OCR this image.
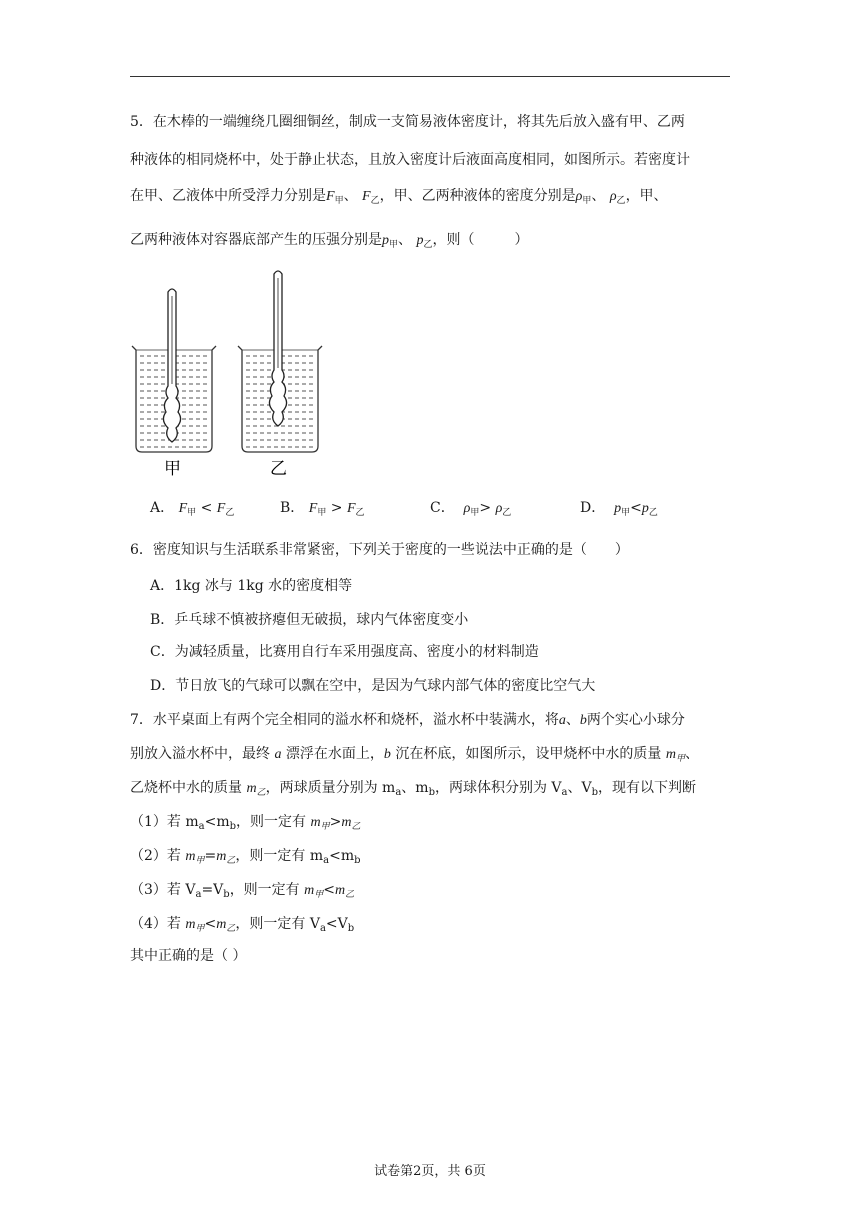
5．在木棒的一端缠绕几圈细铜丝，制成一支简易液体密度计，将其先后放入盛有甲、乙两
种液体的相同烧杯中，处于静止状态，且放入密度计后液面高度相同，如图所示。若密度计
在甲、乙液体中所受浮力分别是$F_甲$、 $F_乙$，甲、乙两种液体的密度分别是$\rho_甲$、 $\rho_乙$，甲、
乙两种液体对容器底部产生的压强分别是$p_甲$、 $p_乙$，则（	）
甲	乙
A． $F_甲 < F_乙$	B． $F_甲 > F_乙$	C． $\rho_甲> \rho_乙$	D． $p_甲<p_乙$
6．密度知识与生活联系非常紧密，下列关于密度的一些说法中正确的是（　　）
A．1kg 冰与 1kg 水的密度相等
B．乒乓球不慎被挤瘪但无破损，球内气体密度变小
C．为减轻质量，比赛用自行车采用强度高、密度小的材料制造
D．节日放飞的气球可以飘在空中，是因为气球内部气体的密度比空气大
7．水平桌面上有两个完全相同的溢水杯和烧杯，溢水杯中装满水，将a、b两个实心小球分
别放入溢水杯中，最终 a 漂浮在水面上，b 沉在杯底，如图所示，设甲烧杯中水的质量 $m_甲$、
乙烧杯中水的质量 $m_乙$，两球质量分别为 $m_a$、$m_b$，两球体积分别为 $V_a$、$V_b$，现有以下判断
（1）若 $m_a<m_b$，则一定有 $m_甲>m_乙$
（2）若 $m_甲=m_乙$，则一定有 $m_a<m_b$
（3）若 $V_a=V_b$，则一定有 $m_甲<m_乙$
（4）若 $m_甲<m_乙$，则一定有 $V_a<V_b$
其中正确的是（ ）
试卷第2页，共 6页
